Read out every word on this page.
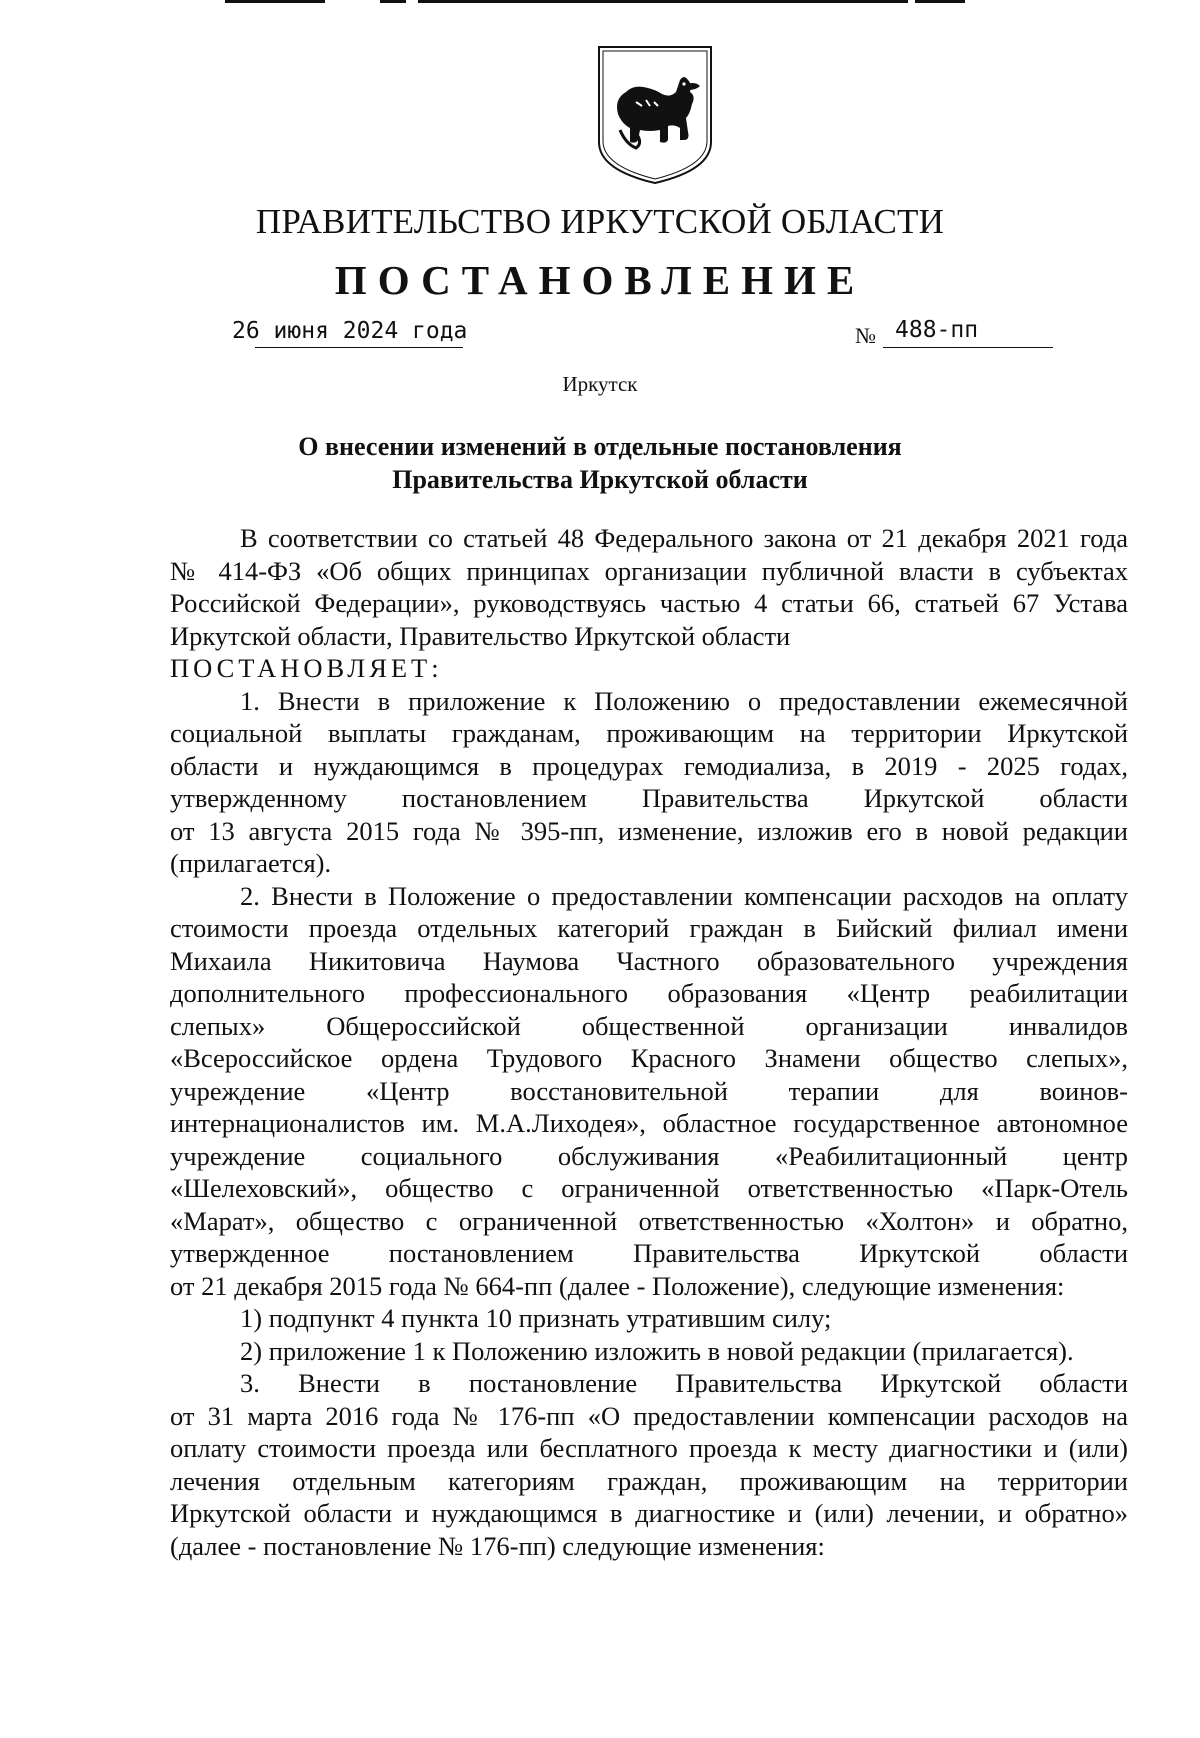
ПРАВИТЕЛЬСТВО ИРКУТСКОЙ ОБЛАСТИ
ПОСТАНОВЛЕНИЕ
26 июня 2024 года	№ 488-пп
Иркутск
О внесении изменений в отдельные постановления
Правительства Иркутской области

В соответствии со статьей 48 Федерального закона от 21 декабря 2021 года

№ 414-ФЗ «Об общих принципах организации публичной власти в субъектах

Российской Федерации», руководствуясь частью 4 статьи 66, статьей 67 Устава

Иркутской области, Правительство Иркутской области

ПОСТАНОВЛЯЕТ:

1. Внести в приложение к Положению о предоставлении ежемесячной

социальной выплаты гражданам, проживающим на территории Иркутской

области и нуждающимся в процедурах гемодиализа, в 2019 - 2025 годах,

утвержденному постановлением Правительства Иркутской области

от 13 августа 2015 года № 395-пп, изменение, изложив его в новой редакции

(прилагается).

2. Внести в Положение о предоставлении компенсации расходов на оплату

стоимости проезда отдельных категорий граждан в Бийский филиал имени

Михаила Никитовича Наумова Частного образовательного учреждения

дополнительного профессионального образования «Центр реабилитации

слепых» Общероссийской общественной организации инвалидов

«Всероссийское ордена Трудового Красного Знамени общество слепых»,

учреждение «Центр восстановительной терапии для воинов-

интернационалистов им. М.А.Лиходея», областное государственное автономное

учреждение социального обслуживания «Реабилитационный центр

«Шелеховский», общество с ограниченной ответственностью «Парк-Отель

«Марат», общество с ограниченной ответственностью «Холтон» и обратно,

утвержденное постановлением Правительства Иркутской области

от 21 декабря 2015 года № 664-пп (далее - Положение), следующие изменения:

1) подпункт 4 пункта 10 признать утратившим силу;

2) приложение 1 к Положению изложить в новой редакции (прилагается).

3. Внести в постановление Правительства Иркутской области

от 31 марта 2016 года № 176-пп «О предоставлении компенсации расходов на

оплату стоимости проезда или бесплатного проезда к месту диагностики и (или)

лечения отдельным категориям граждан, проживающим на территории

Иркутской области и нуждающимся в диагностике и (или) лечении, и обратно»

(далее - постановление № 176-пп) следующие изменения:
